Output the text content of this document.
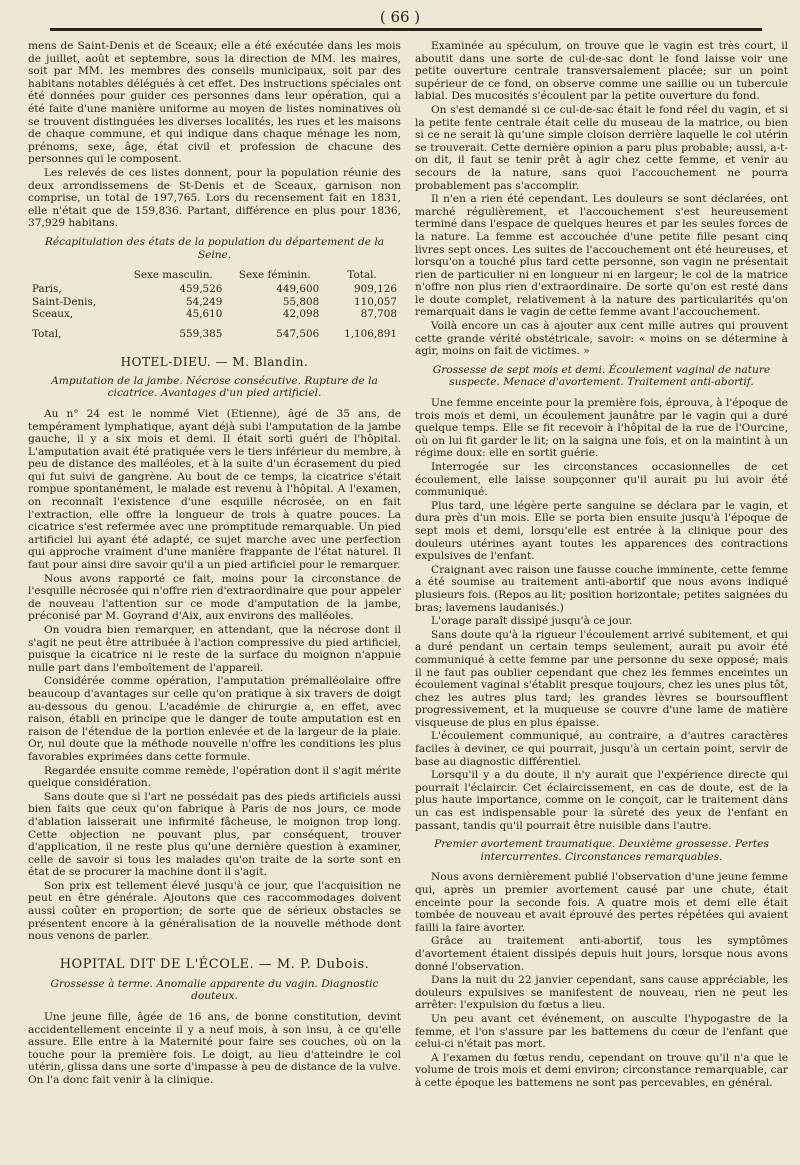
( 66 )

mens de Saint-Denis et de Sceaux; elle a été exécutée dans les mois de juillet, août et septembre, sous la direction de MM. les maires, soit par MM. les membres des conseils municipaux, soit par des habitans notables délégués à cet effet. Des instructions spéciales ont été données pour guider ces personnes dans leur opération, qui a été faite d'une manière uniforme au moyen de listes nominatives où se trouvent distinguées les diverses localités, les rues et les maisons de chaque commune, et qui indique dans chaque ménage les nom, prénoms, sexe, âge, état civil et profession de chacune des personnes qui le composent.

Les relevés de ces listes donnent, pour la population réunie des deux arrondissemens de St-Denis et de Sceaux, garnison non comprise, un total de 197,765. Lors du recensement fait en 1831, elle n'était que de 159,836. Partant, différence en plus pour 1836, 37,929 habitans.

Récapitulation des états de la population du département de la Seine.
	Sexe masculin.	Sexe féminin.	Total.
Paris,	459,526	449,600	909,126
Saint-Denis,	54,249	55,808	110,057
Sceaux,	45,610	42,098	87,708
Total,	559,385	547,506	1,106,891
HOTEL-DIEU. — M. Blandin.
Amputation de la jambe. Nécrose consécutive. Rupture de la cicatrice. Avantages d'un pied artificiel.

Au n° 24 est le nommé Viet (Etienne), âgé de 35 ans, de tempérament lymphatique, ayant déjà subi l'amputation de la jambe gauche, il y a six mois et demi. Il était sorti guéri de l'hôpital. L'amputation avait été pratiquée vers le tiers inférieur du membre, à peu de distance des malléoles, et à la suite d'un écrasement du pied qui fut suivi de gangrène. Au bout de ce temps, la cicatrice s'était rompue spontanément, le malade est revenu à l'hôpital. A l'examen, on reconnaît l'existence d'une esquille nécrosée, on en fait l'extraction, elle offre la longueur de trois à quatre pouces. La cicatrice s'est refermée avec une promptitude remarquable. Un pied artificiel lui ayant été adapté, ce sujet marche avec une perfection qui approche vraiment d'une manière frappante de l'état naturel. Il faut pour ainsi dire savoir qu'il a un pied artificiel pour le remarquer.

Nous avons rapporté ce fait, moins pour la circonstance de l'esquille nécrosée qui n'offre rien d'extraordinaire que pour appeler de nouveau l'attention sur ce mode d'amputation de la jambe, préconisé par M. Goyrand d'Aix, aux environs des malléoles.

On voudra bien remarquer, en attendant, que la nécrose dont il s'agit ne peut être attribuée à l'action compressive du pied artificiel, puisque la cicatrice ni le reste de la surface du moignon n'appuie nulle part dans l'emboîtement de l'appareil.

Considérée comme opération, l'amputation prémalléolaire offre beaucoup d'avantages sur celle qu'on pratique à six travers de doigt au-dessous du genou. L'académie de chirurgie a, en effet, avec raison, établi en principe que le danger de toute amputation est en raison de l'étendue de la portion enlevée et de la largeur de la plaie. Or, nul doute que la méthode nouvelle n'offre les conditions les plus favorables exprimées dans cette formule.

Regardée ensuite comme remède, l'opération dont il s'agit mérite quelque considération.

Sans doute que si l'art ne possédait pas des pieds artificiels aussi bien faits que ceux qu'on fabrique à Paris de nos jours, ce mode d'ablation laisserait une infirmité fâcheuse, le moignon trop long. Cette objection ne pouvant plus, par conséquent, trouver d'application, il ne reste plus qu'une dernière question à examiner, celle de savoir si tous les malades qu'on traite de la sorte sont en état de se procurer la machine dont il s'agit.

Son prix est tellement élevé jusqu'à ce jour, que l'acquisition ne peut en être générale. Ajoutons que ces raccommodages doivent aussi coûter en proportion; de sorte que de sérieux obstacles se présentent encore à la généralisation de la nouvelle méthode dont nous venons de parler.

HOPITAL DIT DE L'ÉCOLE. — M. P. Dubois.
Grossesse à terme. Anomalie apparente du vagin. Diagnostic douteux.

Une jeune fille, âgée de 16 ans, de bonne constitution, devint accidentellement enceinte il y a neuf mois, à son insu, à ce qu'elle assure. Elle entre à la Maternité pour faire ses couches, où on la touche pour la première fois. Le doigt, au lieu d'atteindre le col utérin, glissa dans une sorte d'impasse à peu de distance de la vulve. On l'a donc fait venir à la clinique.

Examinée au spéculum, on trouve que le vagin est très court, il aboutit dans une sorte de cul-de-sac dont le fond laisse voir une petite ouverture centrale transversalement placée; sur un point supérieur de ce fond, on observe comme une saillie ou un tubercule labial. Des mucosités s'écoulent par la petite ouverture du fond.

On s'est demandé si ce cul-de-sac était le fond réel du vagin, et si la petite fente centrale était celle du museau de la matrice, ou bien si ce ne serait là qu'une simple cloison derrière laquelle le col utérin se trouverait. Cette dernière opinion a paru plus probable; aussi, a-t-on dit, il faut se tenir prêt à agir chez cette femme, et venir au secours de la nature, sans quoi l'accouchement ne pourra probablement pas s'accomplir.

Il n'en a rien été cependant. Les douleurs se sont déclarées, ont marché régulièrement, et l'accouchement s'est heureusement terminé dans l'espace de quelques heures et par les seules forces de la nature. La femme est accouchée d'une petite fille pesant cinq livres sept onces. Les suites de l'accouchement ont été heureuses, et lorsqu'on a touché plus tard cette personne, son vagin ne présentait rien de particulier ni en longueur ni en largeur; le col de la matrice n'offre non plus rien d'extraordinaire. De sorte qu'on est resté dans le doute complet, relativement à la nature des particularités qu'on remarquait dans le vagin de cette femme avant l'accouchement.

Voilà encore un cas à ajouter aux cent mille autres qui prouvent cette grande vérité obstétricale, savoir: « moins on se détermine à agir, moins on fait de victimes. »

Grossesse de sept mois et demi. Écoulement vaginal de nature suspecte. Menace d'avortement. Traitement anti-abortif.

Une femme enceinte pour la première fois, éprouva, à l'époque de trois mois et demi, un écoulement jaunâtre par le vagin qui a duré quelque temps. Elle se fit recevoir à l'hôpital de la rue de l'Ourcine, où on lui fit garder le lit; on la saigna une fois, et on la maintint à un régime doux: elle en sortit guérie.

Interrogée sur les circonstances occasionnelles de cet écoulement, elle laisse soupçonner qu'il aurait pu lui avoir été communiqué.

Plus tard, une légère perte sanguine se déclara par le vagin, et dura près d'un mois. Elle se porta bien ensuite jusqu'à l'époque de sept mois et demi, lorsqu'elle est entrée à la clinique pour des douleurs utérines ayant toutes les apparences des contractions expulsives de l'enfant.

Craignant avec raison une fausse couche imminente, cette femme a été soumise au traitement anti-abortif que nous avons indiqué plusieurs fois. (Repos au lit; position horizontale; petites saignées du bras; lavemens laudanisés.)

L'orage paraît dissipé jusqu'à ce jour.

Sans doute qu'à la rigueur l'écoulement arrivé subitement, et qui a duré pendant un certain temps seulement, aurait pu avoir été communiqué à cette femme par une personne du sexe opposé; mais il ne faut pas oublier cependant que chez les femmes enceintes un écoulement vaginal s'établit presque toujours, chez les unes plus tôt, chez les autres plus tard; les grandes lèvres se boursoufflent progressivement, et la muqueuse se couvre d'une lame de matière visqueuse de plus en plus épaisse.

L'écoulement communiqué, au contraire, a d'autres caractères faciles à deviner, ce qui pourrait, jusqu'à un certain point, servir de base au diagnostic différentiel.

Lorsqu'il y a du doute, il n'y aurait que l'expérience directe qui pourrait l'éclaircir. Cet éclaircissement, en cas de doute, est de la plus haute importance, comme on le conçoit, car le traitement dans un cas est indispensable pour la sûreté des yeux de l'enfant en passant, tandis qu'il pourrait être nuisible dans l'autre.

Premier avortement traumatique. Deuxième grossesse. Pertes intercurrentes. Circonstances remarquables.

Nous avons dernièrement publié l'observation d'une jeune femme qui, après un premier avortement causé par une chute, était enceinte pour la seconde fois. A quatre mois et demi elle était tombée de nouveau et avait éprouvé des pertes répétées qui avaient failli la faire avorter.

Grâce au traitement anti-abortif, tous les symptômes d'avortement étaient dissipés depuis huit jours, lorsque nous avons donné l'observation.

Dans la nuit du 22 janvier cependant, sans cause appréciable, les douleurs expulsives se manifestent de nouveau, rien ne peut les arrêter: l'expulsion du fœtus a lieu.

Un peu avant cet événement, on ausculte l'hypogastre de la femme, et l'on s'assure par les battemens du cœur de l'enfant que celui-ci n'était pas mort.

A l'examen du fœtus rendu, cependant on trouve qu'il n'a que le volume de trois mois et demi environ; circonstance remarquable, car à cette époque les battemens ne sont pas percevables, en général.
